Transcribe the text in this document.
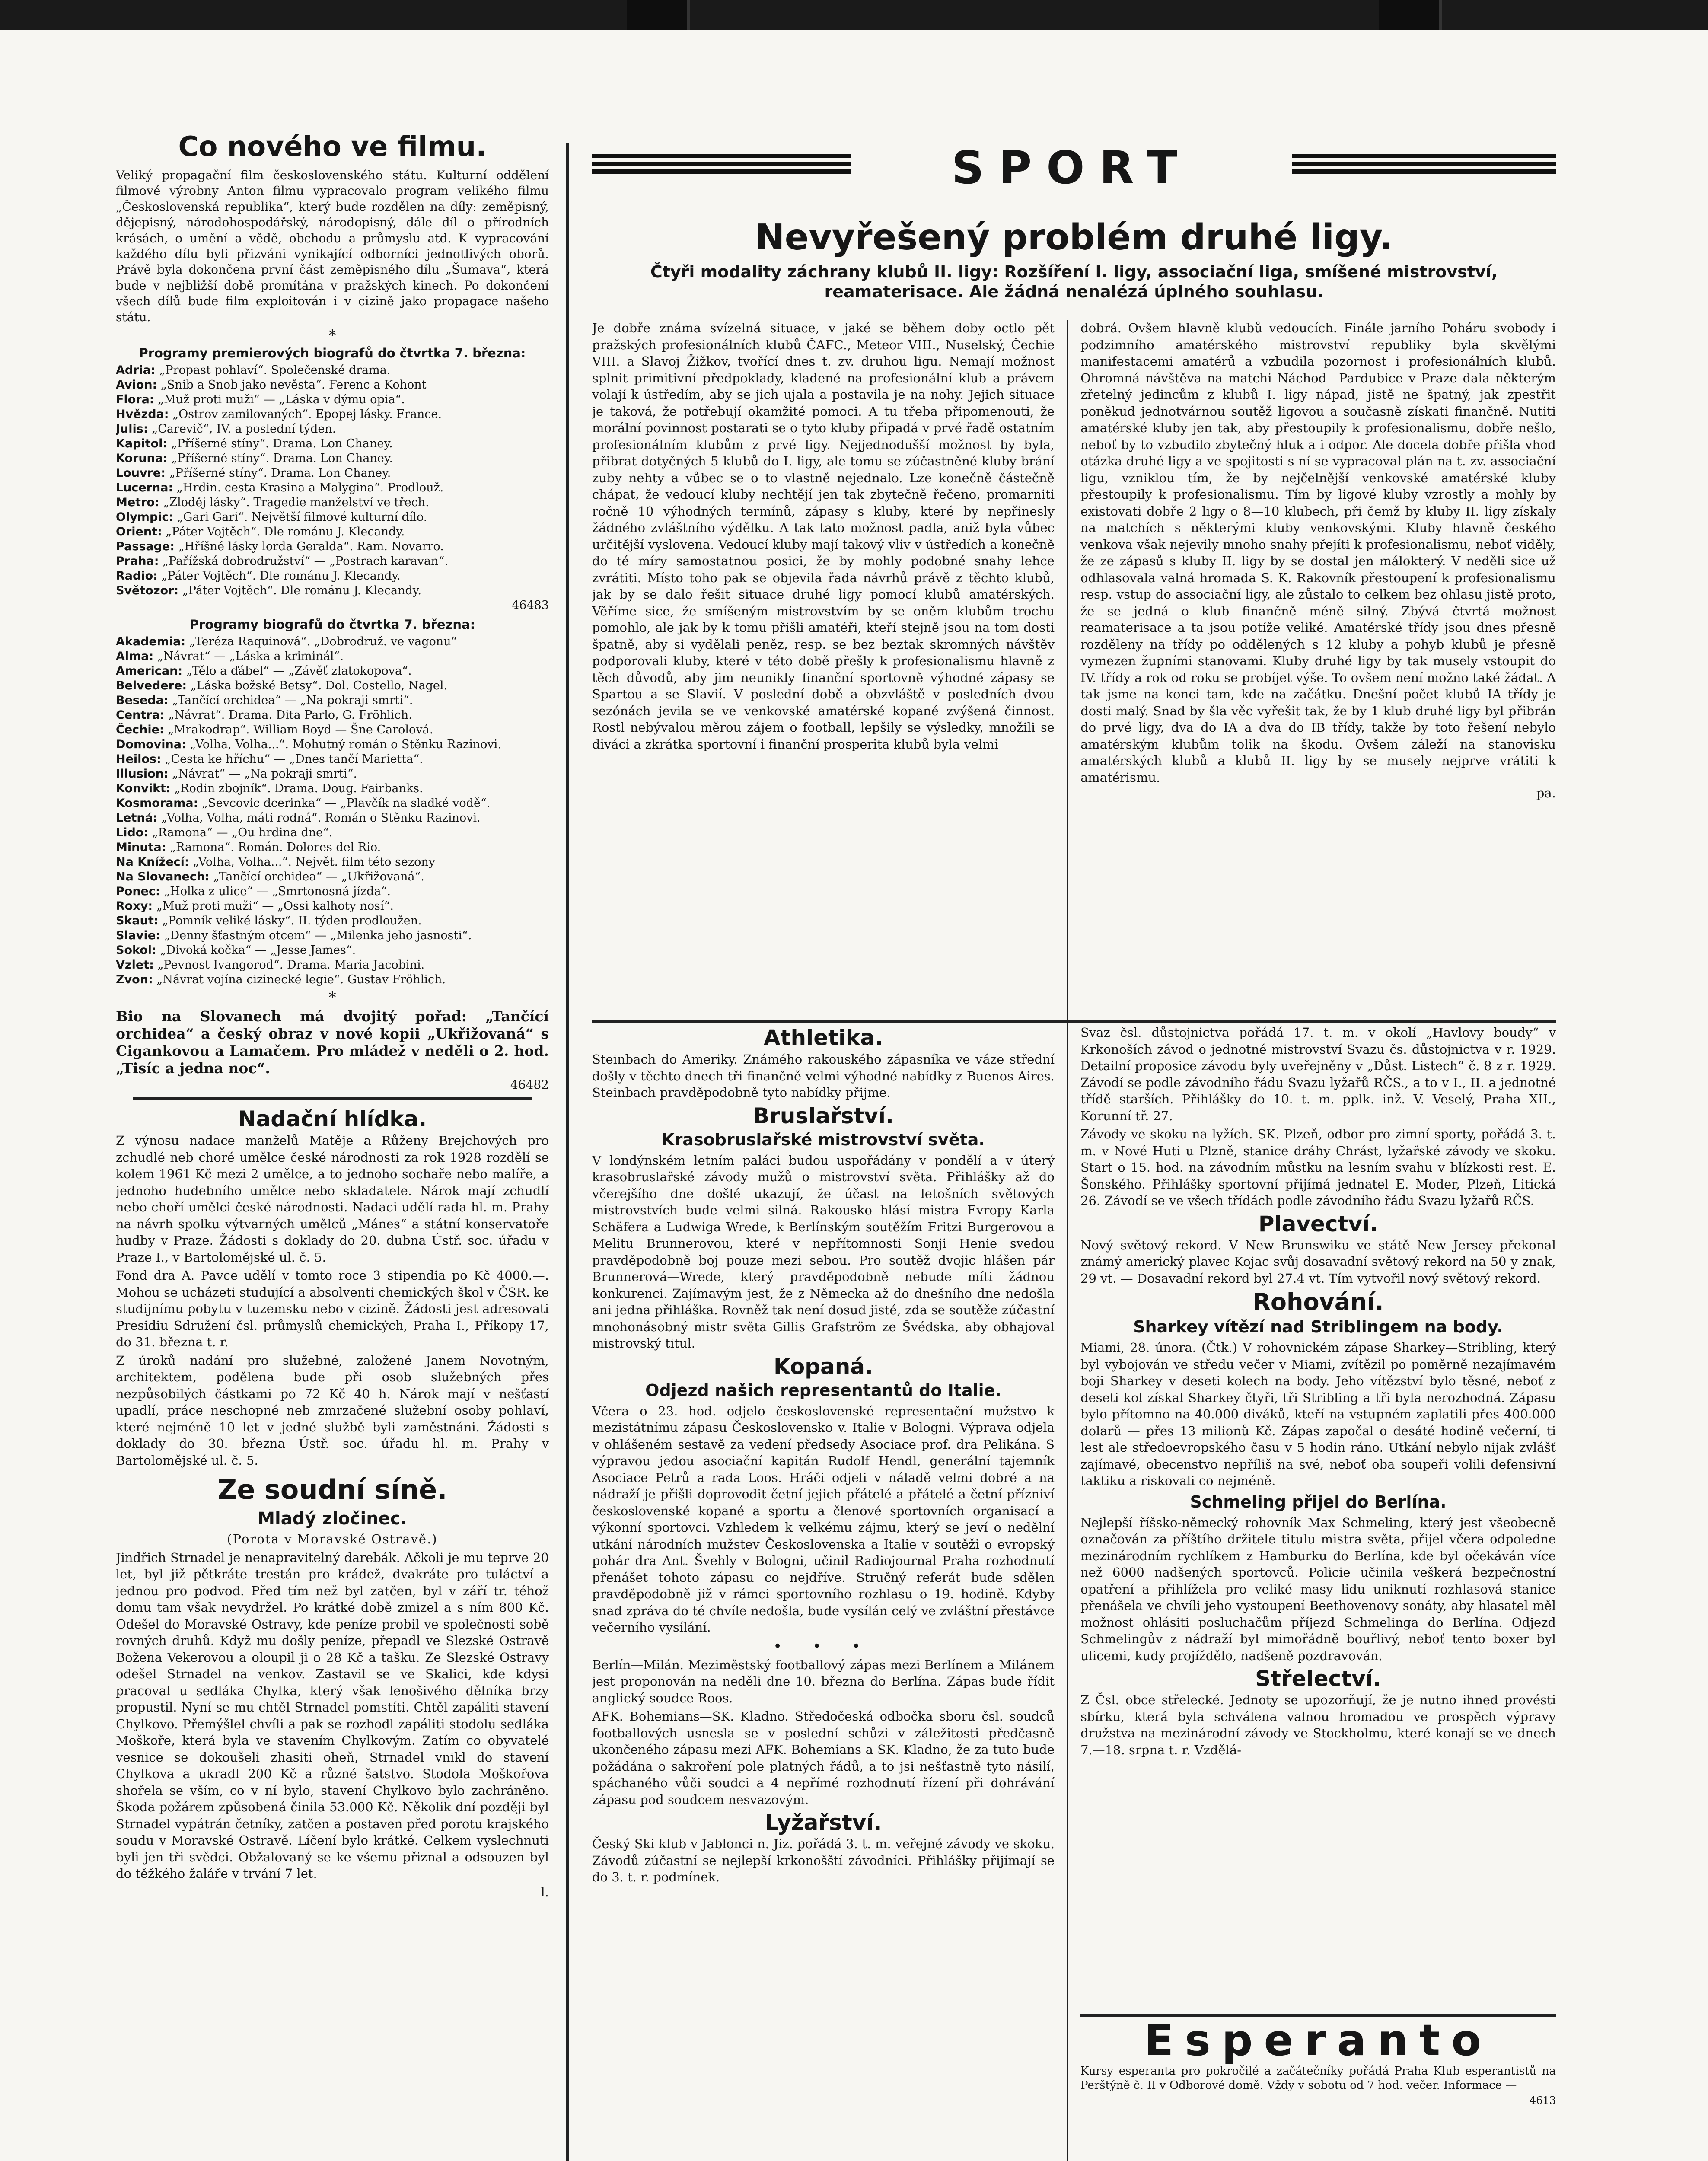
Co nového ve filmu.

Veliký propagační film československého státu. Kulturní oddělení filmové výrobny Anton filmu vypracovalo program velikého filmu „Československá republika“, který bude rozdělen na díly: zeměpisný, dějepisný, národohospodářský, národopisný, dále díl o přírodních krásách, o umění a vědě, obchodu a průmyslu atd. K vypracování každého dílu byli přizváni vynikající odborníci jednotlivých oborů. Právě byla dokončena první část zeměpisného dílu „Šumava“, která bude v nejbližší době promítána v pražských kinech. Po dokončení všech dílů bude film exploitován i v cizině jako propagace našeho státu.

*

Programy premierových biografů do čtvrtka 7. března:

Adria: „Propast pohlaví“. Společenské drama.

Avion: „Snib a Snob jako nevěsta“. Ferenc a Kohont

Flora: „Muž proti muži“ — „Láska v dýmu opia“.

Hvězda: „Ostrov zamilovaných“. Epopej lásky. France.

Julis: „Carevič“, IV. a poslední týden.

Kapitol: „Příšerné stíny“. Drama. Lon Chaney.

Koruna: „Příšerné stíny“. Drama. Lon Chaney.

Louvre: „Příšerné stíny“. Drama. Lon Chaney.

Lucerna: „Hrdin. cesta Krasina a Malygina“. Prodlouž.

Metro: „Zloděj lásky“. Tragedie manželství ve třech.

Olympic: „Gari Gari“. Největší filmové kulturní dílo.

Orient: „Páter Vojtěch“. Dle románu J. Klecandy.

Passage: „Hříšné lásky lorda Geralda“. Ram. Novarro.

Praha: „Pařížská dobrodružství“ — „Postrach karavan“.

Radio: „Páter Vojtěch“. Dle románu J. Klecandy.

Světozor: „Páter Vojtěch“. Dle románu J. Klecandy.

46483

Programy biografů do čtvrtka 7. března:

Akademia: „Teréza Raquinová“. „Dobrodruž. ve vagonu“

Alma: „Návrat“ — „Láska a kriminál“.

American: „Tělo a ďábel“ — „Závěť zlatokopova“.

Belvedere: „Láska božské Betsy“. Dol. Costello, Nagel.

Beseda: „Tančící orchidea“ — „Na pokraji smrti“.

Centra: „Návrat“. Drama. Dita Parlo, G. Fröhlich.

Čechie: „Mrakodrap“. William Boyd — Šne Carolová.

Domovina: „Volha, Volha...“. Mohutný román o Stěnku Razinovi.

Heilos: „Cesta ke hříchu“ — „Dnes tančí Marietta“.

Illusion: „Návrat“ — „Na pokraji smrti“.

Konvikt: „Rodin zbojník“. Drama. Doug. Fairbanks.

Kosmorama: „Sevcovic dcerinka“ — „Plavčík na sladké vodě“.

Letná: „Volha, Volha, máti rodná“. Román o Stěnku Razinovi.

Lido: „Ramona“ — „Ou hrdina dne“.

Minuta: „Ramona“. Román. Dolores del Rio.

Na Knížecí: „Volha, Volha...“. Největ. film této sezony

Na Slovanech: „Tančící orchidea“ — „Ukřižovaná“.

Ponec: „Holka z ulice“ — „Smrtonosná jízda“.

Roxy: „Muž proti muži“ — „Ossi kalhoty nosí“.

Skaut: „Pomník veliké lásky“. II. týden prodloužen.

Slavie: „Denny šťastným otcem“ — „Milenka jeho jasnosti“.

Sokol: „Divoká kočka“ — „Jesse James“.

Vzlet: „Pevnost Ivangorod“. Drama. Maria Jacobini.

Zvon: „Návrat vojína cizinecké legie“. Gustav Fröhlich.

*

Bio na Slovanech má dvojitý pořad: „Tančící orchidea“ a český obraz v nové kopii „Ukřižovaná“ s Cigankovou a Lamačem. Pro mládež v neděli o 2. hod. „Tisíc a jedna noc“.

46482

Nadační hlídka.

Z výnosu nadace manželů Matěje a Růženy Brejchových pro zchudlé neb choré umělce české národnosti za rok 1928 rozdělí se kolem 1961 Kč mezi 2 umělce, a to jednoho sochaře nebo malíře, a jednoho hudebního umělce nebo skladatele. Nárok mají zchudlí nebo choří umělci české národnosti. Nadaci udělí rada hl. m. Prahy na návrh spolku výtvarných umělců „Mánes“ a státní konservatoře hudby v Praze. Žádosti s doklady do 20. dubna Ústř. soc. úřadu v Praze I., v Bartolomějské ul. č. 5.

Fond dra A. Pavce udělí v tomto roce 3 stipendia po Kč 4000.—. Mohou se ucházeti studující a absolventi chemických škol v ČSR. ke studijnímu pobytu v tuzemsku nebo v cizině. Žádosti jest adresovati Presidiu Sdružení čsl. průmyslů chemických, Praha I., Příkopy 17, do 31. března t. r.

Z úroků nadání pro služebné, založené Janem Novotným, architektem, podělena bude při osob služebných přes nezpůsobilých částkami po 72 Kč 40 h. Nárok mají v nešťastí upadlí, práce neschopné neb zmrzačené služební osoby pohlaví, které nejméně 10 let v jedné službě byli zaměstnáni. Žádosti s doklady do 30. března Ústř. soc. úřadu hl. m. Prahy v Bartolomějské ul. č. 5.

Ze soudní síně.
Mladý zločinec.

(Porota v Moravské Ostravě.)

Jindřich Strnadel je nenapravitelný darebák. Ačkoli je mu teprve 20 let, byl již pětkráte trestán pro krádež, dvakráte pro tuláctví a jednou pro podvod. Před tím než byl zatčen, byl v září tr. téhož domu tam však nevydržel. Po krátké době zmizel a s ním 800 Kč. Odešel do Moravské Ostravy, kde peníze probil ve společnosti sobě rovných druhů. Když mu došly peníze, přepadl ve Slezské Ostravě Božena Vekerovou a oloupil ji o 28 Kč a tašku. Ze Slezské Ostravy odešel Strnadel na venkov. Zastavil se ve Skalici, kde kdysi pracoval u sedláka Chylka, který však lenošivého dělníka brzy propustil. Nyní se mu chtěl Strnadel pomstíti. Chtěl zapáliti stavení Chylkovo. Přemýšlel chvíli a pak se rozhodl zapáliti stodolu sedláka Moškoře, která byla ve stavením Chylkovým. Zatím co obyvatelé vesnice se dokoušeli zhasiti oheň, Strnadel vnikl do stavení Chylkova a ukradl 200 Kč a různé šatstvo. Stodola Moškořova shořela se vším, co v ní bylo, stavení Chylkovo bylo zachráněno. Škoda požárem způsobená činila 53.000 Kč. Několik dní později byl Strnadel vypátrán četníky, zatčen a postaven před porotu krajského soudu v Moravské Ostravě. Líčení bylo krátké. Celkem vyslechnuti byli jen tři svědci. Obžalovaný se ke všemu přiznal a odsouzen byl do těžkého žaláře v trvání 7 let.

—l.

SPORT
Nevyřešený problém druhé ligy.

Čtyři modality záchrany klubů II. ligy: Rozšíření I. ligy, associační liga, smíšené mistrovství, reamaterisace. Ale žádná nenalézá úplného souhlasu.

Je dobře známa svízelná situace, v jaké se během doby octlo pět pražských profesionálních klubů ČAFC., Meteor VIII., Nuselský, Čechie VIII. a Slavoj Žižkov, tvořící dnes t. zv. druhou ligu. Nemají možnost splnit primitivní předpoklady, kladené na profesionální klub a právem volají k ústředím, aby se jich ujala a postavila je na nohy. Jejich situace je taková, že potřebují okamžité pomoci. A tu třeba připomenouti, že morální povinnost postarati se o tyto kluby připadá v prvé řadě ostatním profesionálním klubům z prvé ligy. Nejjednodušší možnost by byla, přibrat dotyčných 5 klubů do I. ligy, ale tomu se zúčastněné kluby brání zuby nehty a vůbec se o to vlastně nejednalo. Lze konečně částečně chápat, že vedoucí kluby nechtějí jen tak zbytečně řečeno, promarniti ročně 10 výhodných termínů, zápasy s kluby, které by nepřinesly žádného zvláštního výdělku. A tak tato možnost padla, aniž byla vůbec určitější vyslovena. Vedoucí kluby mají takový vliv v ústředích a konečně do té míry samostatnou posici, že by mohly podobné snahy lehce zvrátiti. Místo toho pak se objevila řada návrhů právě z těchto klubů, jak by se dalo řešit situace druhé ligy pomocí klubů amatérských. Věříme sice, že smíšeným mistrovstvím by se oněm klubům trochu pomohlo, ale jak by k tomu přišli amatéři, kteří stejně jsou na tom dosti špatně, aby si vydělali peněz, resp. se bez beztak skromných návštěv podporovali kluby, které v této době přešly k profesionalismu hlavně z těch důvodů, aby jim neunikly finanční sportovně výhodné zápasy se Spartou a se Slavií. V poslední době a obzvláště v posledních dvou sezónách jevila se ve venkovské amatérské kopané zvýšená činnost. Rostl nebývalou měrou zájem o football, lepšily se výsledky, množili se diváci a zkrátka sportovní i finanční prosperita klubů byla velmi

dobrá. Ovšem hlavně klubů vedoucích. Finále jarního Poháru svobody i podzimního amatérského mistrovství republiky byla skvělými manifestacemi amatérů a vzbudila pozornost i profesionálních klubů. Ohromná návštěva na matchi Náchod—Pardubice v Praze dala některým zřetelný jedincům z klubů I. ligy nápad, jistě ne špatný, jak zpestřit poněkud jednotvárnou soutěž ligovou a současně získati finančně. Nutiti amatérské kluby jen tak, aby přestoupily k profesionalismu, dobře nešlo, neboť by to vzbudilo zbytečný hluk a i odpor. Ale docela dobře přišla vhod otázka druhé ligy a ve spojitosti s ní se vypracoval plán na t. zv. associační ligu, vzniklou tím, že by nejčelnější venkovské amatérské kluby přestoupily k profesionalismu. Tím by ligové kluby vzrostly a mohly by existovati dobře 2 ligy o 8—10 klubech, při čemž by kluby II. ligy získaly na matchích s některými kluby venkovskými. Kluby hlavně českého venkova však nejevily mnoho snahy přejíti k profesionalismu, neboť viděly, že ze zápasů s kluby II. ligy by se dostal jen málokterý. V neděli sice už odhlasovala valná hromada S. K. Rakovník přestoupení k profesionalismu resp. vstup do associační ligy, ale zůstalo to celkem bez ohlasu jistě proto, že se jedná o klub finančně méně silný. Zbývá čtvrtá možnost reamaterisace a ta jsou potíže veliké. Amatérské třídy jsou dnes přesně rozděleny na třídy po oddělených s 12 kluby a pohyb klubů je přesně vymezen župními stanovami. Kluby druhé ligy by tak musely vstoupit do IV. třídy a rok od roku se probíjet výše. To ovšem není možno také žádat. A tak jsme na konci tam, kde na začátku. Dnešní počet klubů IA třídy je dosti malý. Snad by šla věc vyřešit tak, že by 1 klub druhé ligy byl přibrán do prvé ligy, dva do IA a dva do IB třídy, takže by toto řešení nebylo amatérským klubům tolik na škodu. Ovšem záleží na stanovisku amatérských klubů a klubů II. ligy by se musely nejprve vrátiti k amatérismu.

—pa.

Athletika.

Steinbach do Ameriky. Známého rakouského zápasníka ve váze střední došly v těchto dnech tři finančně velmi výhodné nabídky z Buenos Aires. Steinbach pravděpodobně tyto nabídky přijme.

Bruslařství.
Krasobruslařské mistrovství světa.

V londýnském letním paláci budou uspořádány v pondělí a v úterý krasobruslařské závody mužů o mistrovství světa. Přihlášky až do včerejšího dne došlé ukazují, že účast na letošních světových mistrovstvích bude velmi silná. Rakousko hlásí mistra Evropy Karla Schäfera a Ludwiga Wrede, k Berlínským soutěžím Fritzi Burgerovou a Melitu Brunnerovou, které v nepřítomnosti Sonji Henie svedou pravděpodobně boj pouze mezi sebou. Pro soutěž dvojic hlášen pár Brunnerová—Wrede, který pravděpodobně nebude míti žádnou konkurenci. Zajímavým jest, že z Německa až do dnešního dne nedošla ani jedna přihláška. Rovněž tak není dosud jisté, zda se soutěže zúčastní mnohonásobný mistr světa Gillis Grafström ze Švédska, aby obhajoval mistrovský titul.

Kopaná.
Odjezd našich representantů do Italie.

Včera o 23. hod. odjelo československé representační mužstvo k mezistátnímu zápasu Československo v. Italie v Bologni. Výprava odjela v ohlášeném sestavě za vedení předsedy Asociace prof. dra Pelikána. S výpravou jedou asociační kapitán Rudolf Hendl, generální tajemník Asociace Petrů a rada Loos. Hráči odjeli v náladě velmi dobré a na nádraží je přišli doprovodit četní jejich přátelé a přátelé a četní přízniví československé kopané a sportu a členové sportovních organisací a výkonní sportovci. Vzhledem k velkému zájmu, který se jeví o nedělní utkání národních mužstev Československa a Italie v soutěži o evropský pohár dra Ant. Švehly v Bologni, učinil Radiojournal Praha rozhodnutí přenášet tohoto zápasu co nejdříve. Stručný referát bude sdělen pravděpodobně již v rámci sportovního rozhlasu o 19. hodině. Kdyby snad zpráva do té chvíle nedošla, bude vysílán celý ve zvláštní přestávce večerního vysílání.

• • •

Berlín—Milán. Meziměstský footballový zápas mezi Berlínem a Milánem jest proponován na neděli dne 10. března do Berlína. Zápas bude řídit anglický soudce Roos.

AFK. Bohemians—SK. Kladno. Středočeská odbočka sboru čsl. soudců footballových usnesla se v poslední schůzi v záležitosti předčasně ukončeného zápasu mezi AFK. Bohemians a SK. Kladno, že za tuto bude požádána o sakroření pole platných řádů, a to jsi nešťastně tyto násilí, spáchaného vůči soudci a 4 nepřímé rozhodnutí řízení při dohrávání zápasu pod soudcem nesvazovým.

Lyžařství.

Český Ski klub v Jablonci n. Jiz. pořádá 3. t. m. veřejné závody ve skoku. Závodů zúčastní se nejlepší krkonošští závodníci. Přihlášky přijímají se do 3. t. r. podmínek.

Svaz čsl. důstojnictva pořádá 17. t. m. v okolí „Havlovy boudy“ v Krkonoších závod o jednotné mistrovství Svazu čs. důstojnictva v r. 1929. Detailní proposice závodu byly uveřejněny v „Důst. Listech“ č. 8 z r. 1929. Závodí se podle závodního řádu Svazu lyžařů RČS., a to v I., II. a jednotné třídě starších. Přihlášky do 10. t. m. pplk. inž. V. Veselý, Praha XII., Korunní tř. 27.

Závody ve skoku na lyžích. SK. Plzeň, odbor pro zimní sporty, pořádá 3. t. m. v Nové Huti u Plzně, stanice dráhy Chrást, lyžařské závody ve skoku. Start o 15. hod. na závodním můstku na lesním svahu v blízkosti rest. E. Šonského. Přihlášky sportovní přijímá jednatel E. Moder, Plzeň, Litická 26. Závodí se ve všech třídách podle závodního řádu Svazu lyžařů RČS.

Plavectví.

Nový světový rekord. V New Brunswiku ve státě New Jersey překonal známý americký plavec Kojac svůj dosavadní světový rekord na 50 y znak, 29 vt. — Dosavadní rekord byl 27.4 vt. Tím vytvořil nový světový rekord.

Rohování.
Sharkey vítězí nad Striblingem na body.

Miami, 28. února. (Čtk.) V rohovnickém zápase Sharkey—Stribling, který byl vybojován ve středu večer v Miami, zvítězil po poměrně nezajímavém boji Sharkey v deseti kolech na body. Jeho vítězství bylo těsné, neboť z deseti kol získal Sharkey čtyři, tři Stribling a tři byla nerozhodná. Zápasu bylo přítomno na 40.000 diváků, kteří na vstupném zaplatili přes 400.000 dolarů — přes 13 milionů Kč. Zápas započal o desáté hodině večerní, ti lest ale středoevropského času v 5 hodin ráno. Utkání nebylo nijak zvlášť zajímavé, obecenstvo nepříliš na své, neboť oba soupeři volili defensivní taktiku a riskovali co nejméně.

Schmeling přijel do Berlína.

Nejlepší říšsko-německý rohovník Max Schmeling, který jest všeobecně označován za příštího držitele titulu mistra světa, přijel včera odpoledne mezinárodním rychlíkem z Hamburku do Berlína, kde byl očekáván více než 6000 nadšených sportovců. Policie učinila veškerá bezpečnostní opatření a přihlížela pro veliké masy lidu uniknutí rozhlasová stanice přenášela ve chvíli jeho vystoupení Beethovenovy sonáty, aby hlasatel měl možnost ohlásiti posluchačům příjezd Schmelinga do Berlína. Odjezd Schmelingův z nádraží byl mimořádně bouřlivý, neboť tento boxer byl ulicemi, kudy projíždělo, nadšeně pozdravován.

Střelectví.

Z Čsl. obce střelecké. Jednoty se upozorňují, že je nutno ihned provésti sbírku, která byla schválena valnou hromadou ve prospěch výpravy družstva na mezinárodní závody ve Stockholmu, které konají se ve dnech 7.—18. srpna t. r. Vzdělá-

Esperanto

Kursy esperanta pro pokročilé a začátečníky pořádá Praha Klub esperantistů na Perštýně č. II v Odborové domě. Vždy v sobotu od 7 hod. večer. Informace —

4613
